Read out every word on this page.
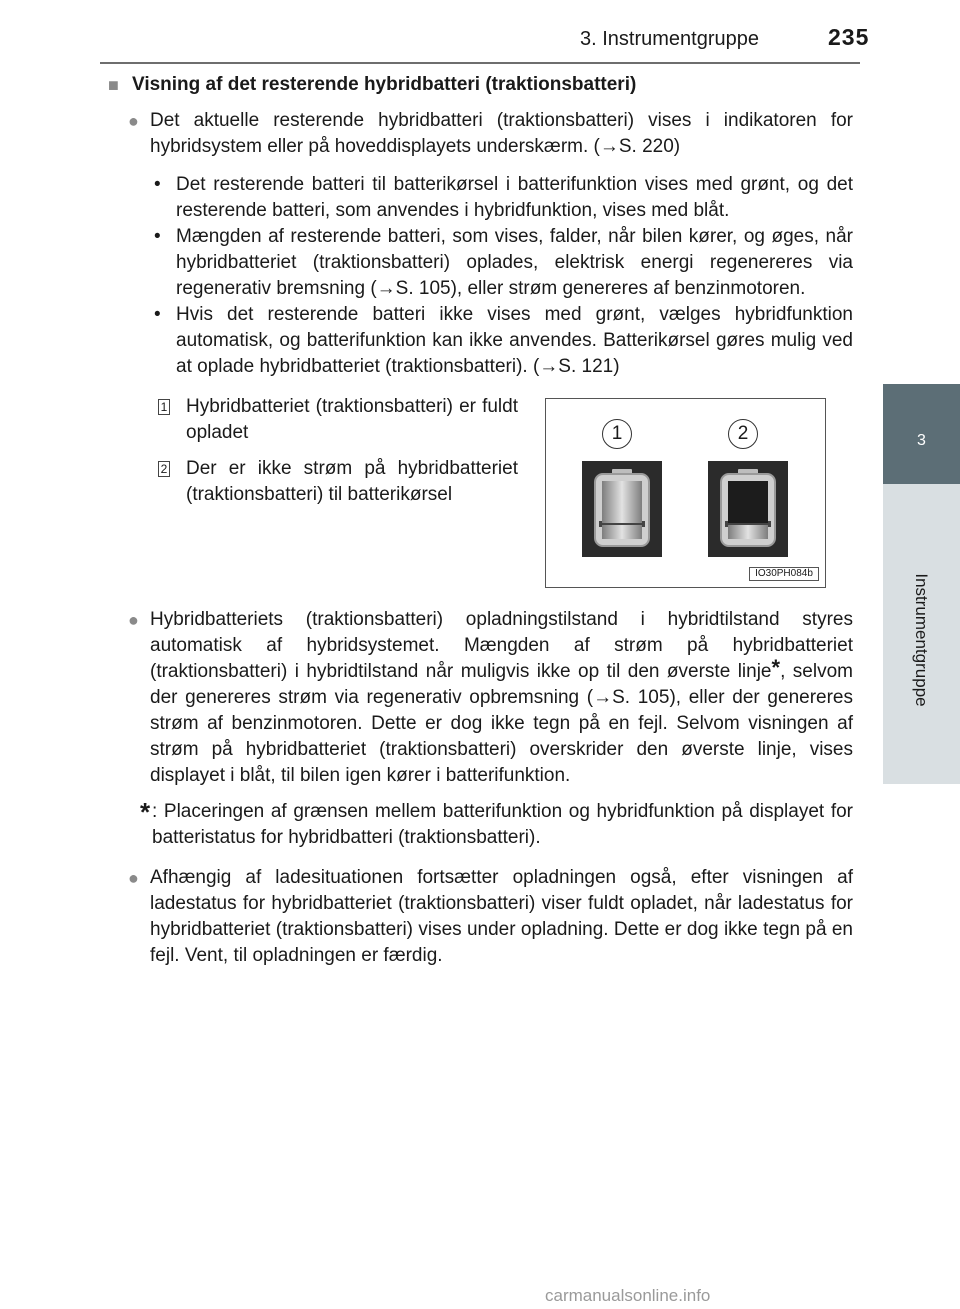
3. Instrumentgruppe	235
3
Instrumentgruppe
■ Visning af det resterende hybridbatteri (traktionsbatteri)
● Det aktuelle resterende hybridbatteri (traktionsbatteri) vises i indikatoren for hybridsystem eller på hoveddisplayets underskærm. (→S. 220)
• Det resterende batteri til batterikørsel i batterifunktion vises med grønt, og det resterende batteri, som anvendes i hybridfunktion, vises med blåt.
• Mængden af resterende batteri, som vises, falder, når bilen kører, og øges, når hybridbatteriet (traktionsbatteri) oplades, elektrisk energi regenereres via regenerativ bremsning (→S. 105), eller strøm genereres af benzinmotoren.
• Hvis det resterende batteri ikke vises med grønt, vælges hybridfunktion automatisk, og batterifunktion kan ikke anvendes. Batterikørsel gøres mulig ved at oplade hybridbatteriet (traktionsbatteri). (→S. 121)
1 Hybridbatteriet (traktionsbatteri) er fuldt opladet
2 Der er ikke strøm på hybridbatteriet (traktionsbatteri) til batterikørsel
1	2
IO30PH084b
● Hybridbatteriets (traktionsbatteri) opladningstilstand i hybridtilstand styres automatisk af hybridsystemet. Mængden af strøm på hybridbatteriet (traktionsbatteri) i hybridtilstand når muligvis ikke op til den øverste linje*, selvom der genereres strøm via regenerativ opbremsning (→S. 105), eller der genereres strøm af benzinmotoren. Dette er dog ikke tegn på en fejl. Selvom visningen af strøm på hybridbatteriet (traktionsbatteri) overskrider den øverste linje, vises displayet i blåt, til bilen igen kører i batterifunktion.
* : Placeringen af grænsen mellem batterifunktion og hybridfunktion på displayet for batteristatus for hybridbatteri (traktionsbatteri).
● Afhængig af ladesituationen fortsætter opladningen også, efter visningen af ladestatus for hybridbatteriet (traktionsbatteri) viser fuldt opladet, når ladestatus for hybridbatteriet (traktionsbatteri) vises under opladning. Dette er dog ikke tegn på en fejl. Vent, til opladningen er færdig.
carmanualsonline.info
